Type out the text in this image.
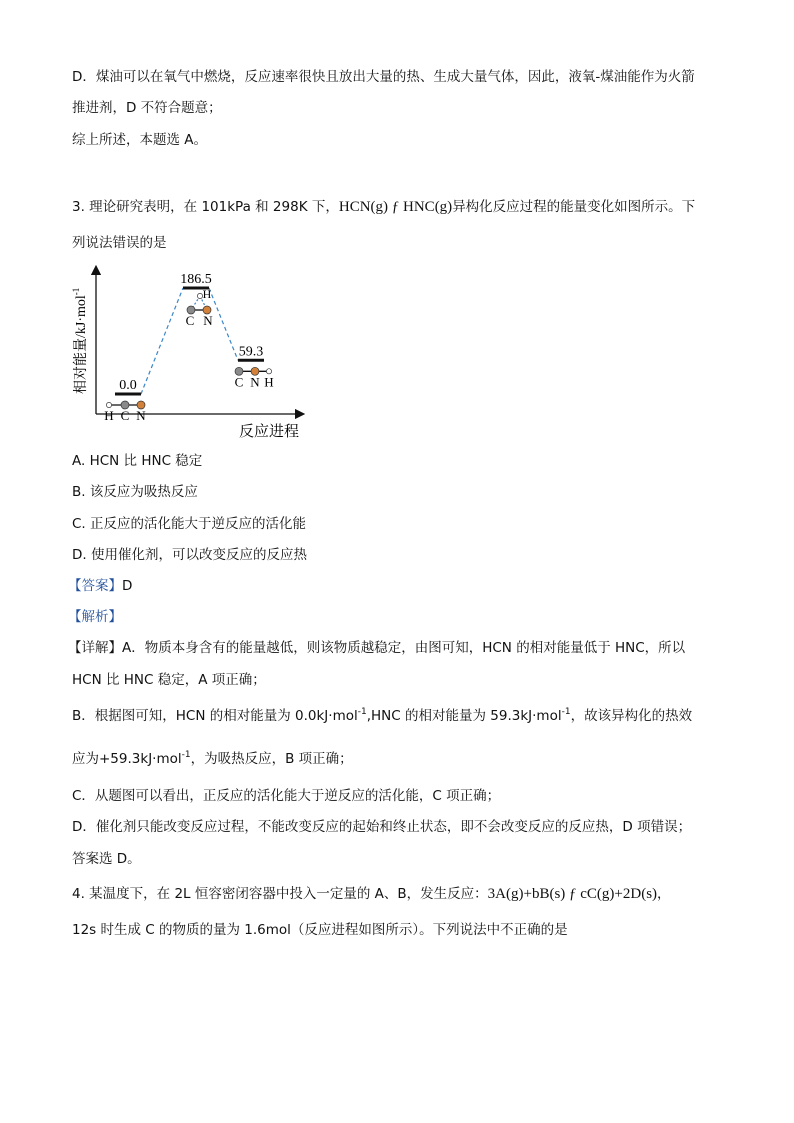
D．煤油可以在氧气中燃烧，反应速率很快且放出大量的热、生成大量气体，因此，液氧-煤油能作为火箭
推进剂，D 不符合题意；
综上所述，本题选 A。
3. 理论研究表明，在 101kPa 和 298K 下，HCN(g) ƒ HNC(g)异构化反应过程的能量变化如图所示。下
列说法错误的是
相对能量/kJ·mol$^{-1}$
反应进程
0.0
H C N
186.5
H
C N
59.3
C N H
A. HCN 比 HNC 稳定
B. 该反应为吸热反应
C. 正反应的活化能大于逆反应的活化能
D. 使用催化剂，可以改变反应的反应热
【答案】D
【解析】
【详解】A．物质本身含有的能量越低，则该物质越稳定，由图可知，HCN 的相对能量低于 HNC，所以
HCN 比 HNC 稳定，A 项正确；
B．根据图可知，HCN 的相对能量为 0.0kJ·mol$^{-1}$,HNC 的相对能量为 59.3kJ·mol$^{-1}$，故该异构化的热效
应为+59.3kJ·mol$^{-1}$，为吸热反应，B 项正确；
C．从题图可以看出，正反应的活化能大于逆反应的活化能，C 项正确；
D．催化剂只能改变反应过程，不能改变反应的起始和终止状态，即不会改变反应的反应热，D 项错误；
答案选 D。
4. 某温度下，在 2L 恒容密闭容器中投入一定量的 A、B，发生反应：3A(g)+bB(s) ƒ cC(g)+2D(s)，
12s 时生成 C 的物质的量为 1.6mol（反应进程如图所示）。下列说法中不正确的是
